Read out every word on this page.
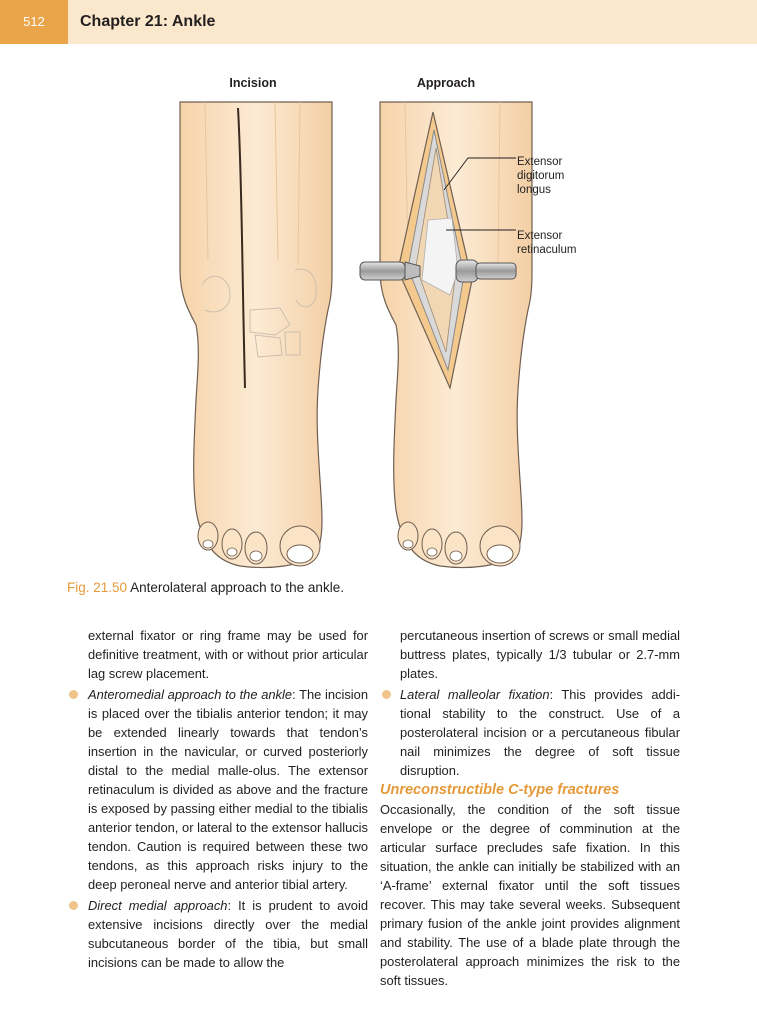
512	Chapter 21: Ankle
Incision	Approach
Extensor
digitorum
longus
Extensor
retinaculum
Fig. 21.50 Anterolateral approach to the ankle.

external fixator or ring frame may be used for definitive treatment, with or without prior articular lag screw placement.

Anteromedial approach to the ankle: The incision is placed over the tibialis anterior tendon; it may be extended linearly towards that tendon’s insertion in the navicular, or curved posteriorly distal to the medial malle-olus. The extensor retinaculum is divided as above and the fracture is exposed by passing either medial to the tibialis anterior tendon, or lateral to the extensor hallucis tendon. Caution is required between these two tendons, as this approach risks injury to the deep peroneal nerve and anterior tibial artery.

Direct medial approach: It is prudent to avoid extensive incisions directly over the medial subcutaneous border of the tibia, but small incisions can be made to allow the

percutaneous insertion of screws or small medial buttress plates, typically 1/3 tubular or 2.7-mm plates.

Lateral malleolar fixation: This provides addi-tional stability to the construct. Use of a posterolateral incision or a percutaneous fibular nail minimizes the degree of soft tissue disruption.

Unreconstructible C-type fractures

Occasionally, the condition of the soft tissue envelope or the degree of comminution at the articular surface precludes safe fixation. In this situation, the ankle can initially be stabilized with an ‘A-frame’ external fixator until the soft tissues recover. This may take several weeks. Subsequent primary fusion of the ankle joint provides alignment and stability. The use of a blade plate through the posterolateral approach minimizes the risk to the soft tissues.
